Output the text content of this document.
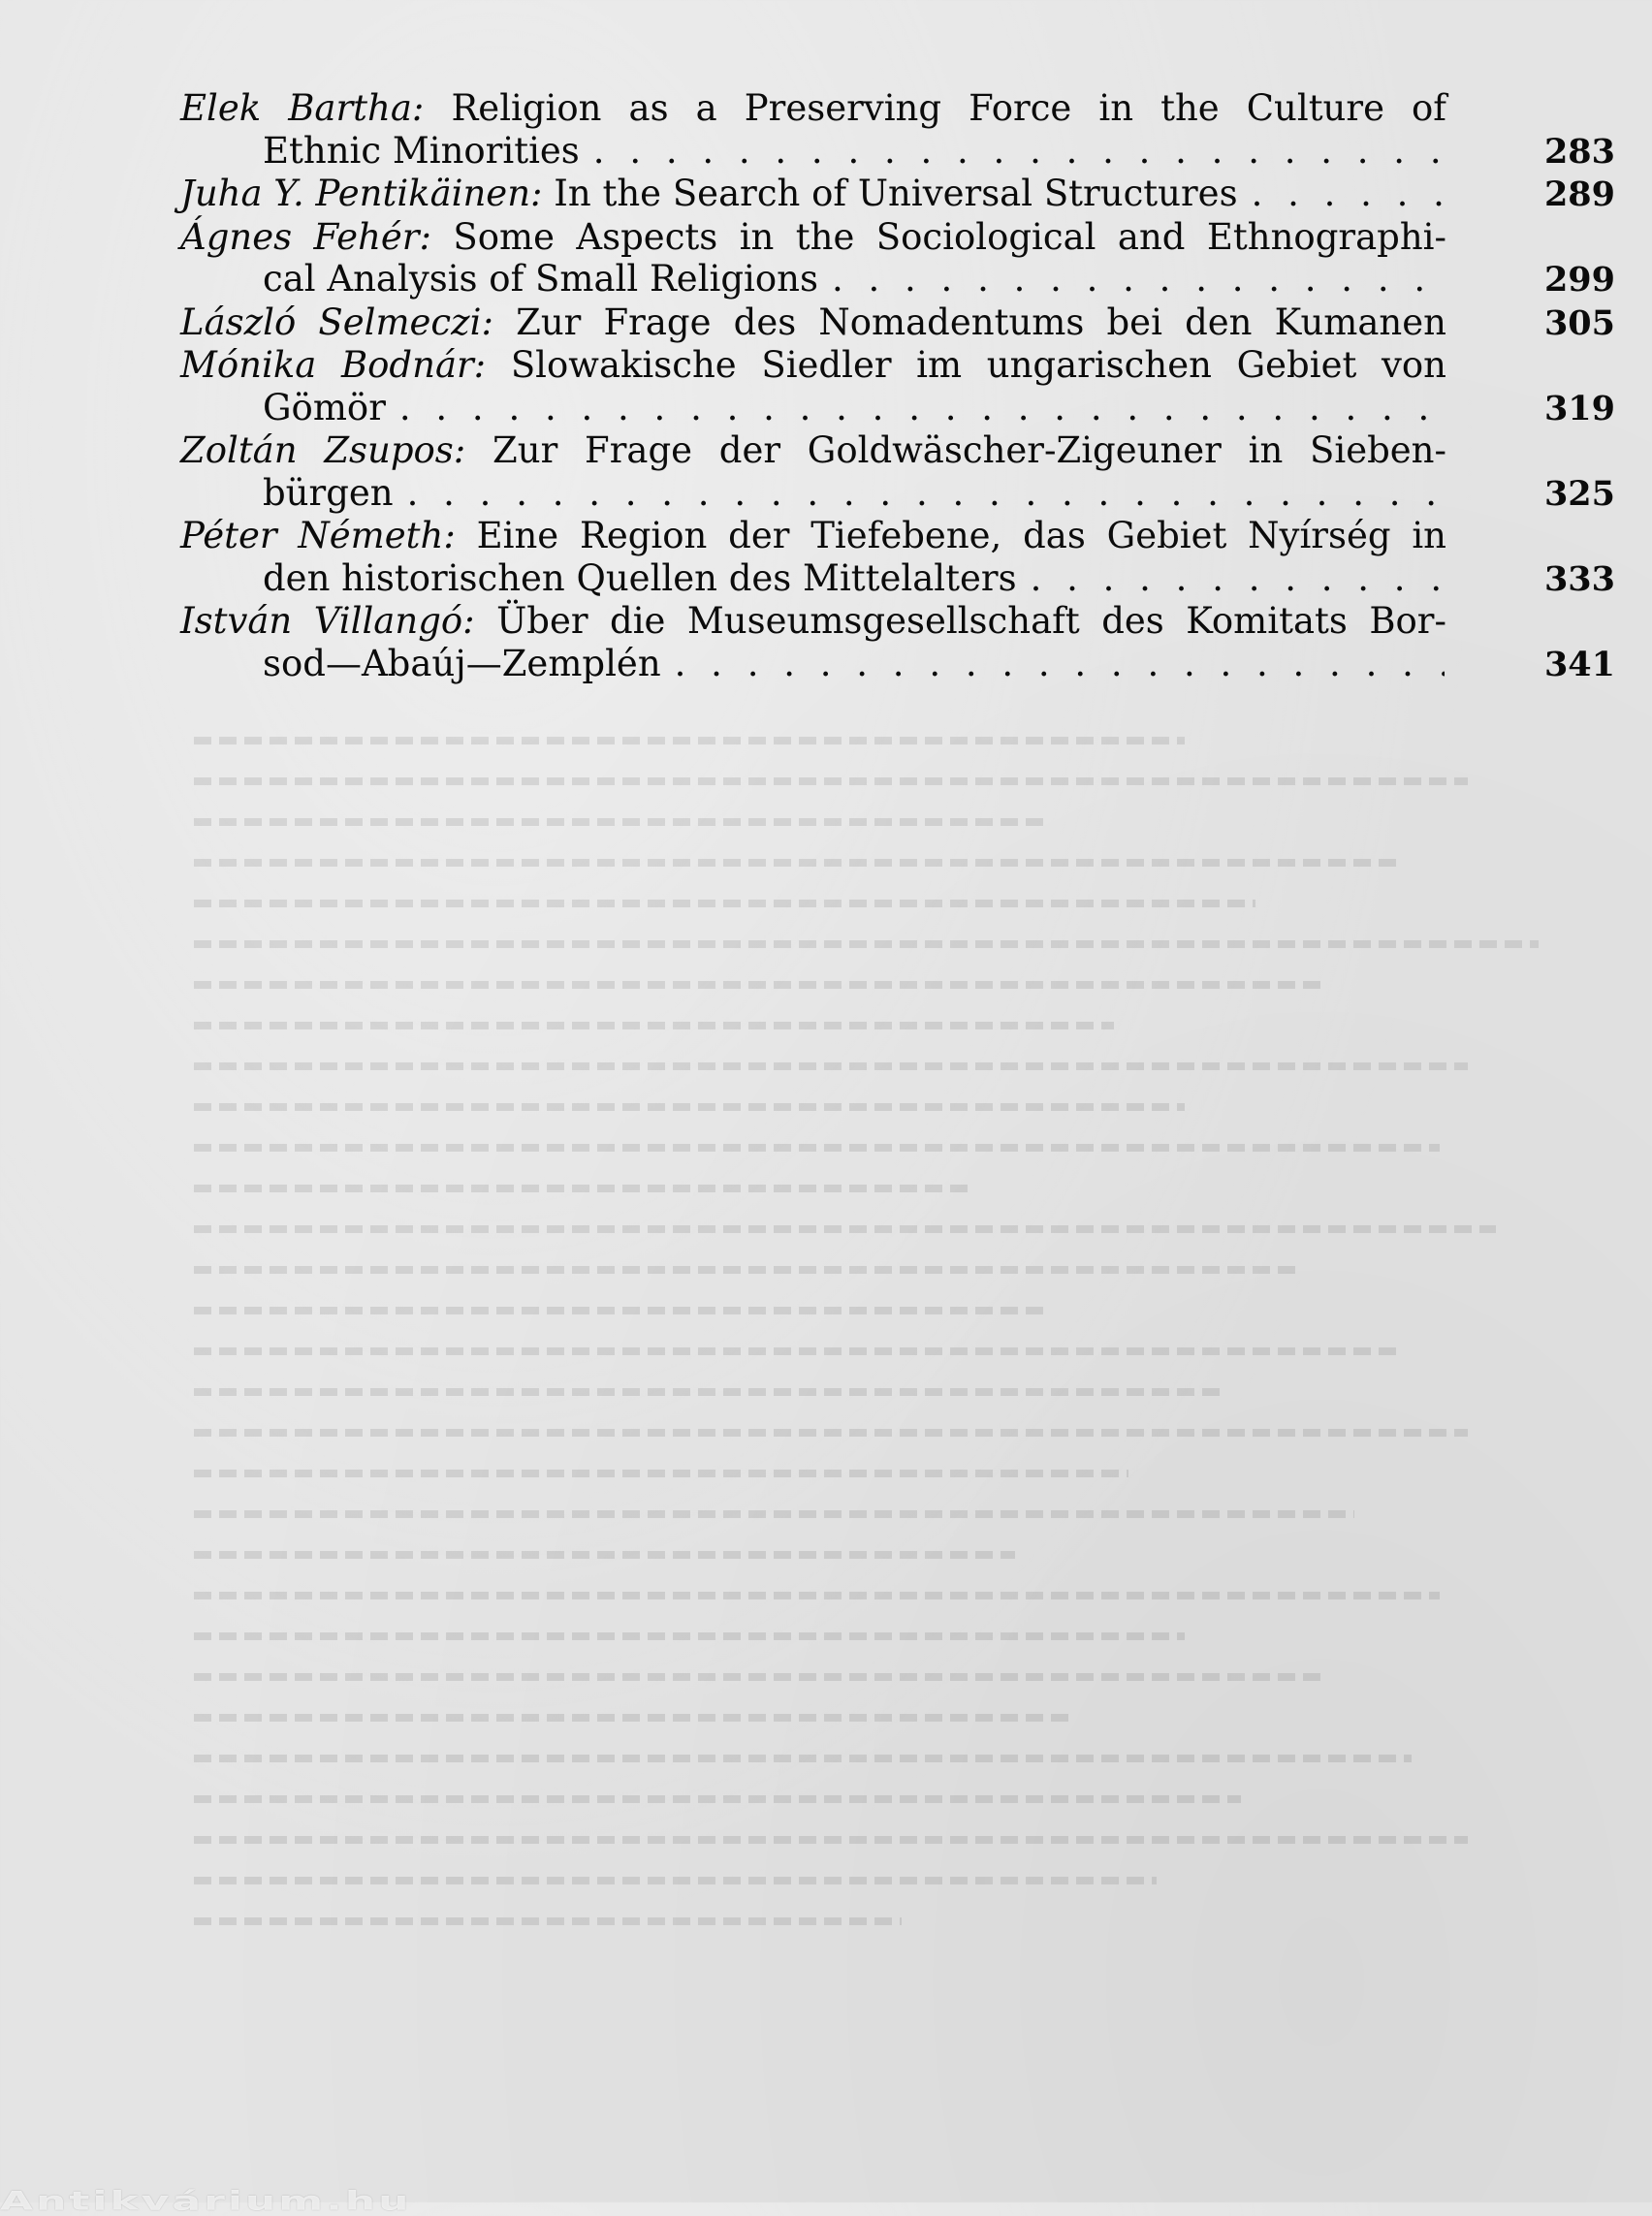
Elek Bartha: Religion as a Preserving Force in the Culture of
Ethnic Minorities . . .	283
Juha Y. Pentikäinen:
In the Search of Universal Structures . . .	289
Ágnes Fehér: Some Aspects in the Sociological and Ethnographi-
cal Analysis of Small Religions . . .	299
László Selmeczi: Zur Frage des Nomadentums bei den Kumanen	305
Mónika Bodnár: Slowakische Siedler im ungarischen Gebiet von
Gömör . . .	319
Zoltán Zsupos: Zur Frage der Goldwäscher-Zigeuner in Sieben-
bürgen . . .	325
Péter Németh: Eine Region der Tiefebene, das Gebiet Nyírség in
den historischen Quellen des Mittelalters . . .	333
István Villangó: Über die Museumsgesellschaft des Komitats Bor-
sod—Abaúj—Zemplén . . .	341
Antikvárium.hu
